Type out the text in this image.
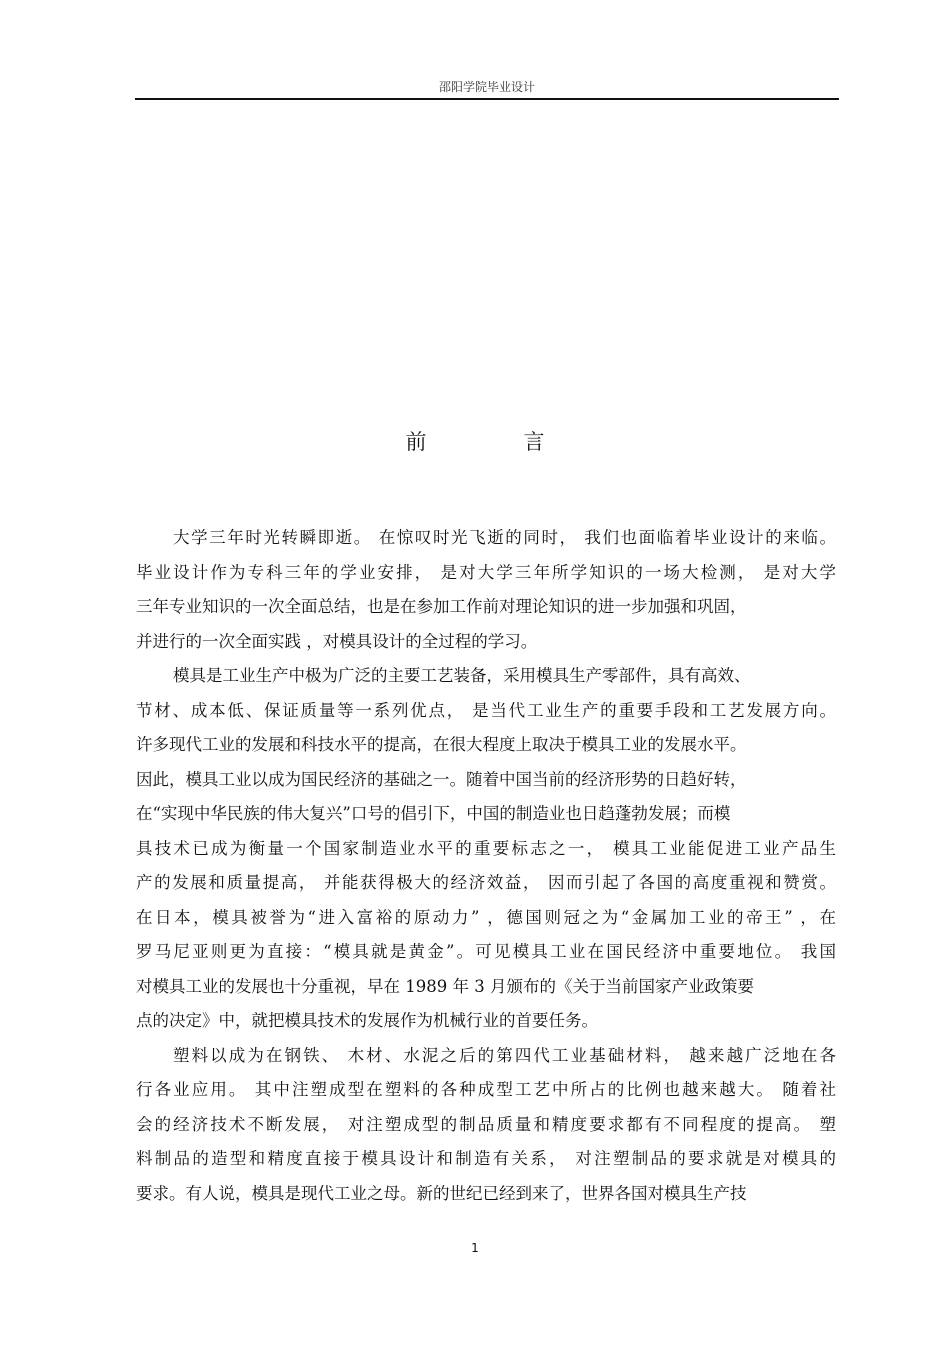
邵阳学院毕业设计
前　言
大学三年时光转瞬即逝。 在惊叹时光飞逝的同时， 我们也面临着毕业设计的来临。
毕业设计作为专科三年的学业安排， 是对大学三年所学知识的一场大检测， 是对大学
三年专业知识的一次全面总结，也是在参加工作前对理论知识的进一步加强和巩固，
并进行的一次全面实践 ，对模具设计的全过程的学习。
模具是工业生产中极为广泛的主要工艺装备，采用模具生产零部件，具有高效、
节材、成本低、保证质量等一系列优点， 是当代工业生产的重要手段和工艺发展方向。
许多现代工业的发展和科技水平的提高，在很大程度上取决于模具工业的发展水平。
因此，模具工业以成为国民经济的基础之一。随着中国当前的经济形势的日趋好转，
在“实现中华民族的伟大复兴”口号的倡引下，中国的制造业也日趋蓬勃发展；而模
具技术已成为衡量一个国家制造业水平的重要标志之一， 模具工业能促进工业产品生
产的发展和质量提高， 并能获得极大的经济效益， 因而引起了各国的高度重视和赞赏。
在日本，模具被誉为“进入富裕的原动力” ，德国则冠之为“金属加工业的帝王” ，在
罗马尼亚则更为直接：“模具就是黄金”。可见模具工业在国民经济中重要地位。 我国
对模具工业的发展也十分重视，早在 1989 年 3 月颁布的《关于当前国家产业政策要
点的决定》中，就把模具技术的发展作为机械行业的首要任务。
塑料以成为在钢铁、 木材、水泥之后的第四代工业基础材料， 越来越广泛地在各
行各业应用。 其中注塑成型在塑料的各种成型工艺中所占的比例也越来越大。 随着社
会的经济技术不断发展， 对注塑成型的制品质量和精度要求都有不同程度的提高。 塑
料制品的造型和精度直接于模具设计和制造有关系， 对注塑制品的要求就是对模具的
要求。有人说，模具是现代工业之母。新的世纪已经到来了，世界各国对模具生产技
1
